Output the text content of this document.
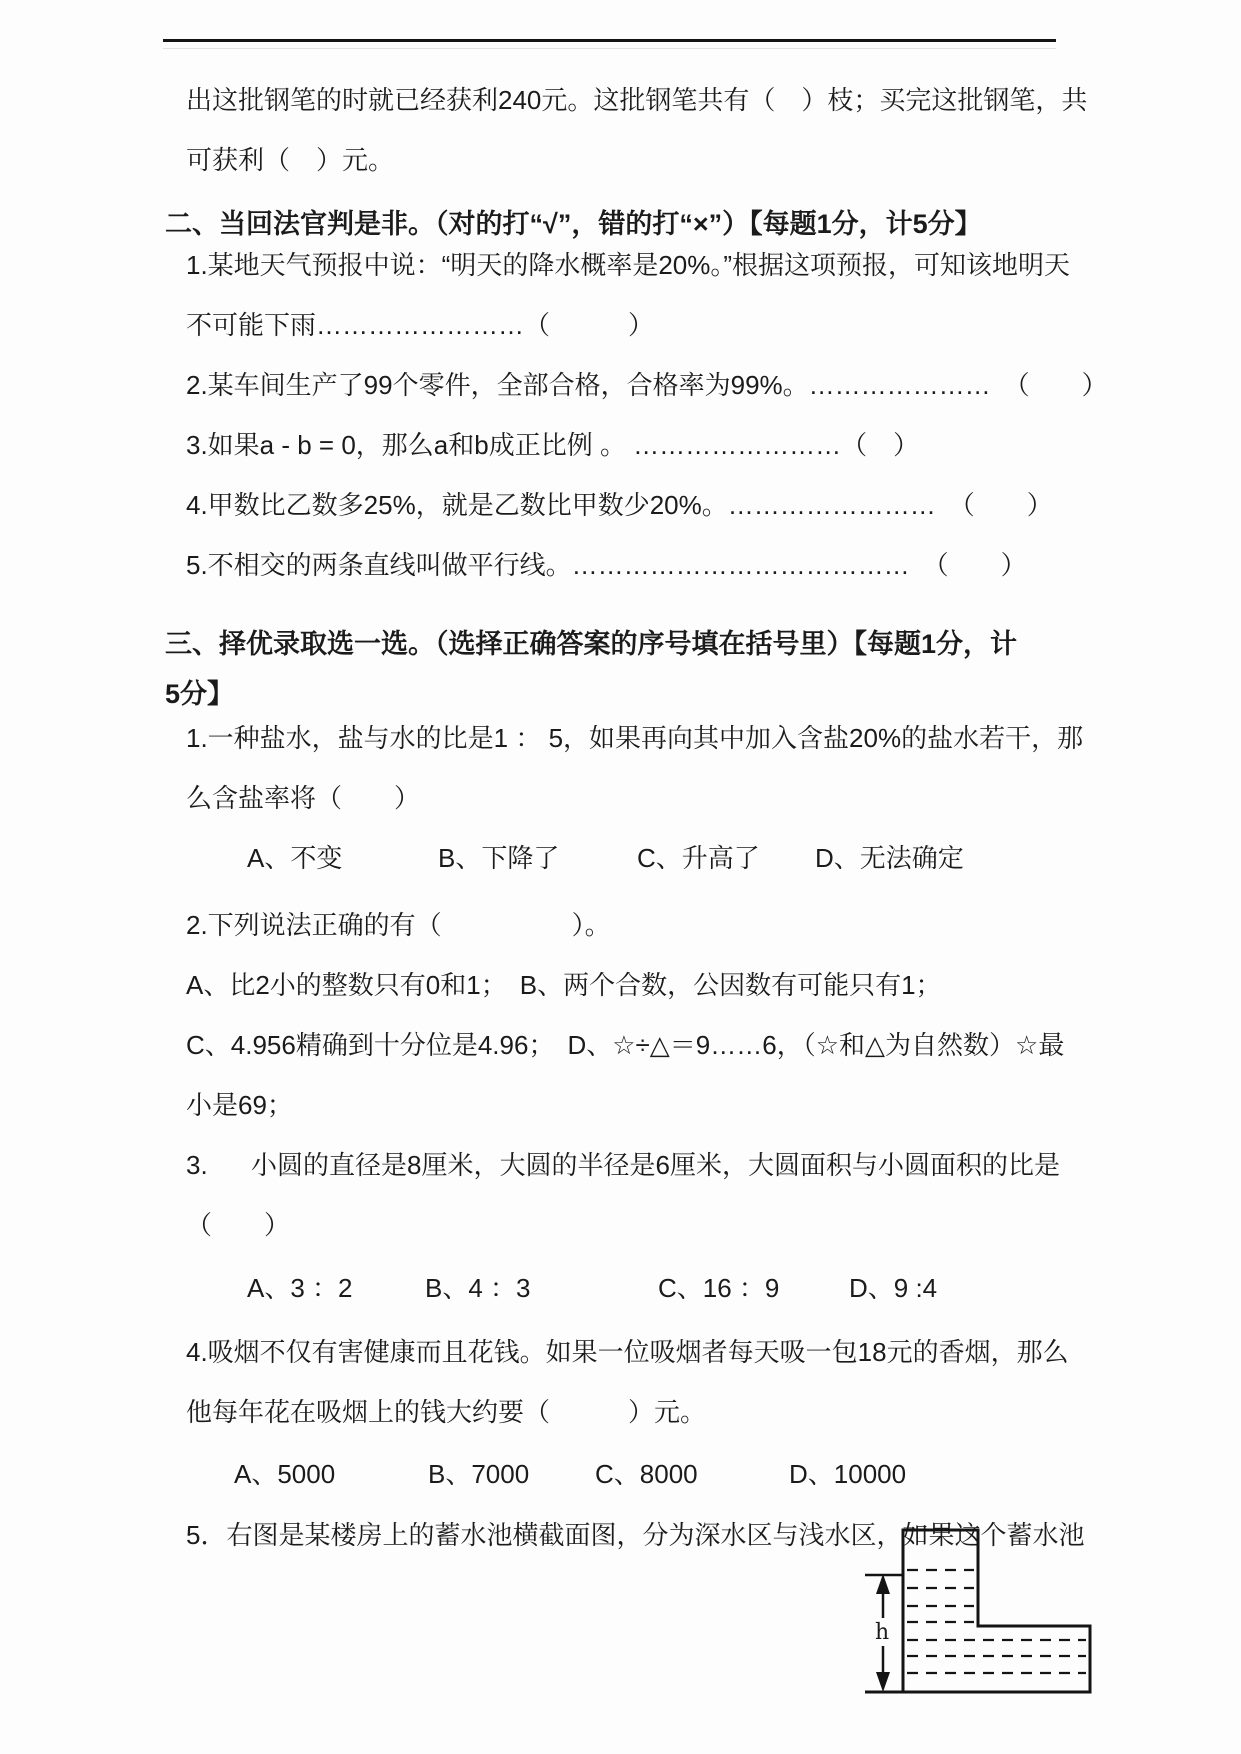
出这批钢笔的时就已经获利240元。这批钢笔共有（　）枝；买完这批钢笔，共
可获利（　）元。
二、当回法官判是非。（对的打“√”，错的打“×”）【每题1分，计5分】
1.某地天气预报中说：“明天的降水概率是20%。”根据这项预报，可知该地明天
不可能下雨……………………（　　　）
2.某车间生产了99个零件，全部合格，合格率为99%。…………………　（　　）
3.如果a - b = 0，那么a和b成正比例 。 ……………………（　）
4.甲数比乙数多25%，就是乙数比甲数少20%。……………………　（　　）
5.不相交的两条直线叫做平行线。…………………………………　（　　）
三、择优录取选一选。（选择正确答案的序号填在括号里）【每题1分，计
5分】
1.一种盐水，盐与水的比是1 ： 5，如果再向其中加入含盐20%的盐水若干，那
么含盐率将（　　）

A、不变

	B、下降了

	C、升高了

D、无法确定

2.下列说法正确的有（　　　　　）。
A、比2小的整数只有0和1；　B、两个合数，公因数有可能只有1；
C、4.956精确到十分位是4.96；　D、☆÷△＝9……6，（☆和△为自然数）☆最
小是69；
3.      小圆的直径是8厘米，大圆的半径是6厘米，大圆面积与小圆面积的比是
（　　）

A、3 ：2

	B、4 ：3

	C、16 ：9

	D、9 :4

4.吸烟不仅有害健康而且花钱。如果一位吸烟者每天吸一包18元的香烟，那么
他每年花在吸烟上的钱大约要（　　　）元。

A、5000

	B、7000

	C、8000

	D、10000

5．右图是某楼房上的蓄水池横截面图，分为深水区与浅水区，如果这个蓄水池
h
